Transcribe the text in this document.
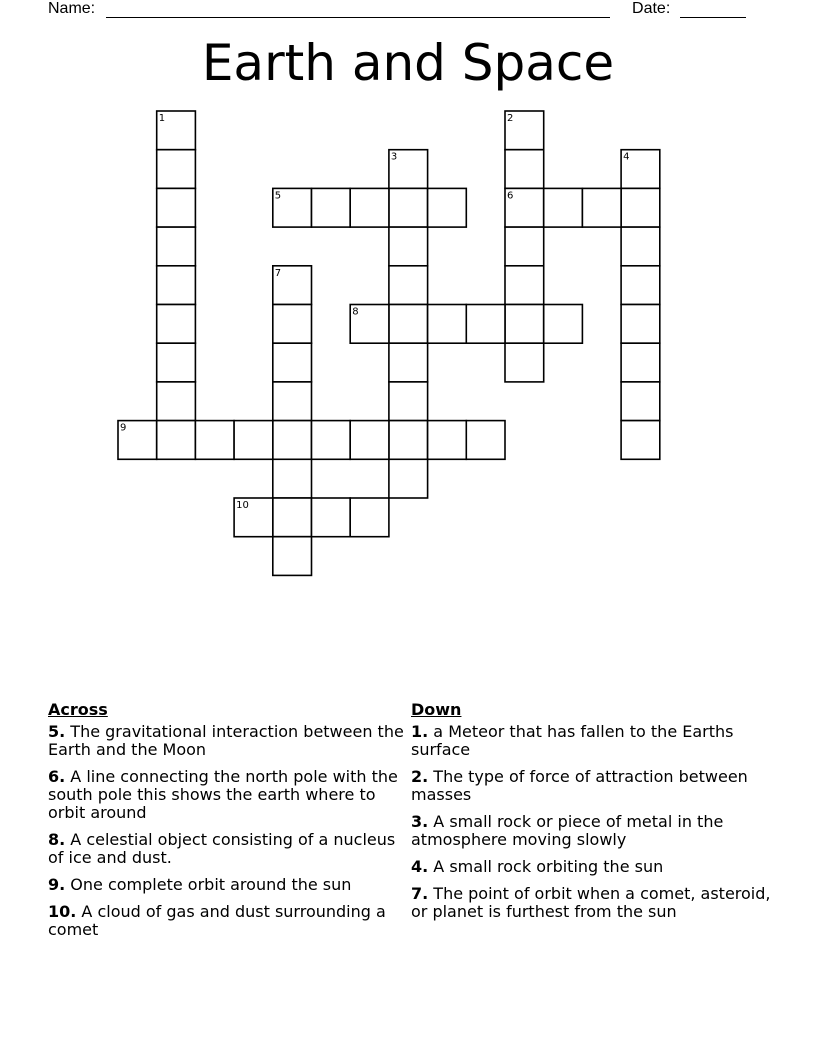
Name:	Date:
Earth and Space
1	2
3	4
5	6
7
8
9
10
Across
5. The gravitational interaction between the Earth and the Moon
6. A line connecting the north pole with the south pole this shows the earth where to orbit around
8. A celestial object consisting of a nucleus of ice and dust.
9. One complete orbit around the sun
10. A cloud of gas and dust surrounding a comet
Down
1. a Meteor that has fallen to the Earths surface
2. The type of force of attraction between masses
3. A small rock or piece of metal in the atmosphere moving slowly
4. A small rock orbiting the sun
7. The point of orbit when a comet, asteroid, or planet is furthest from the sun
